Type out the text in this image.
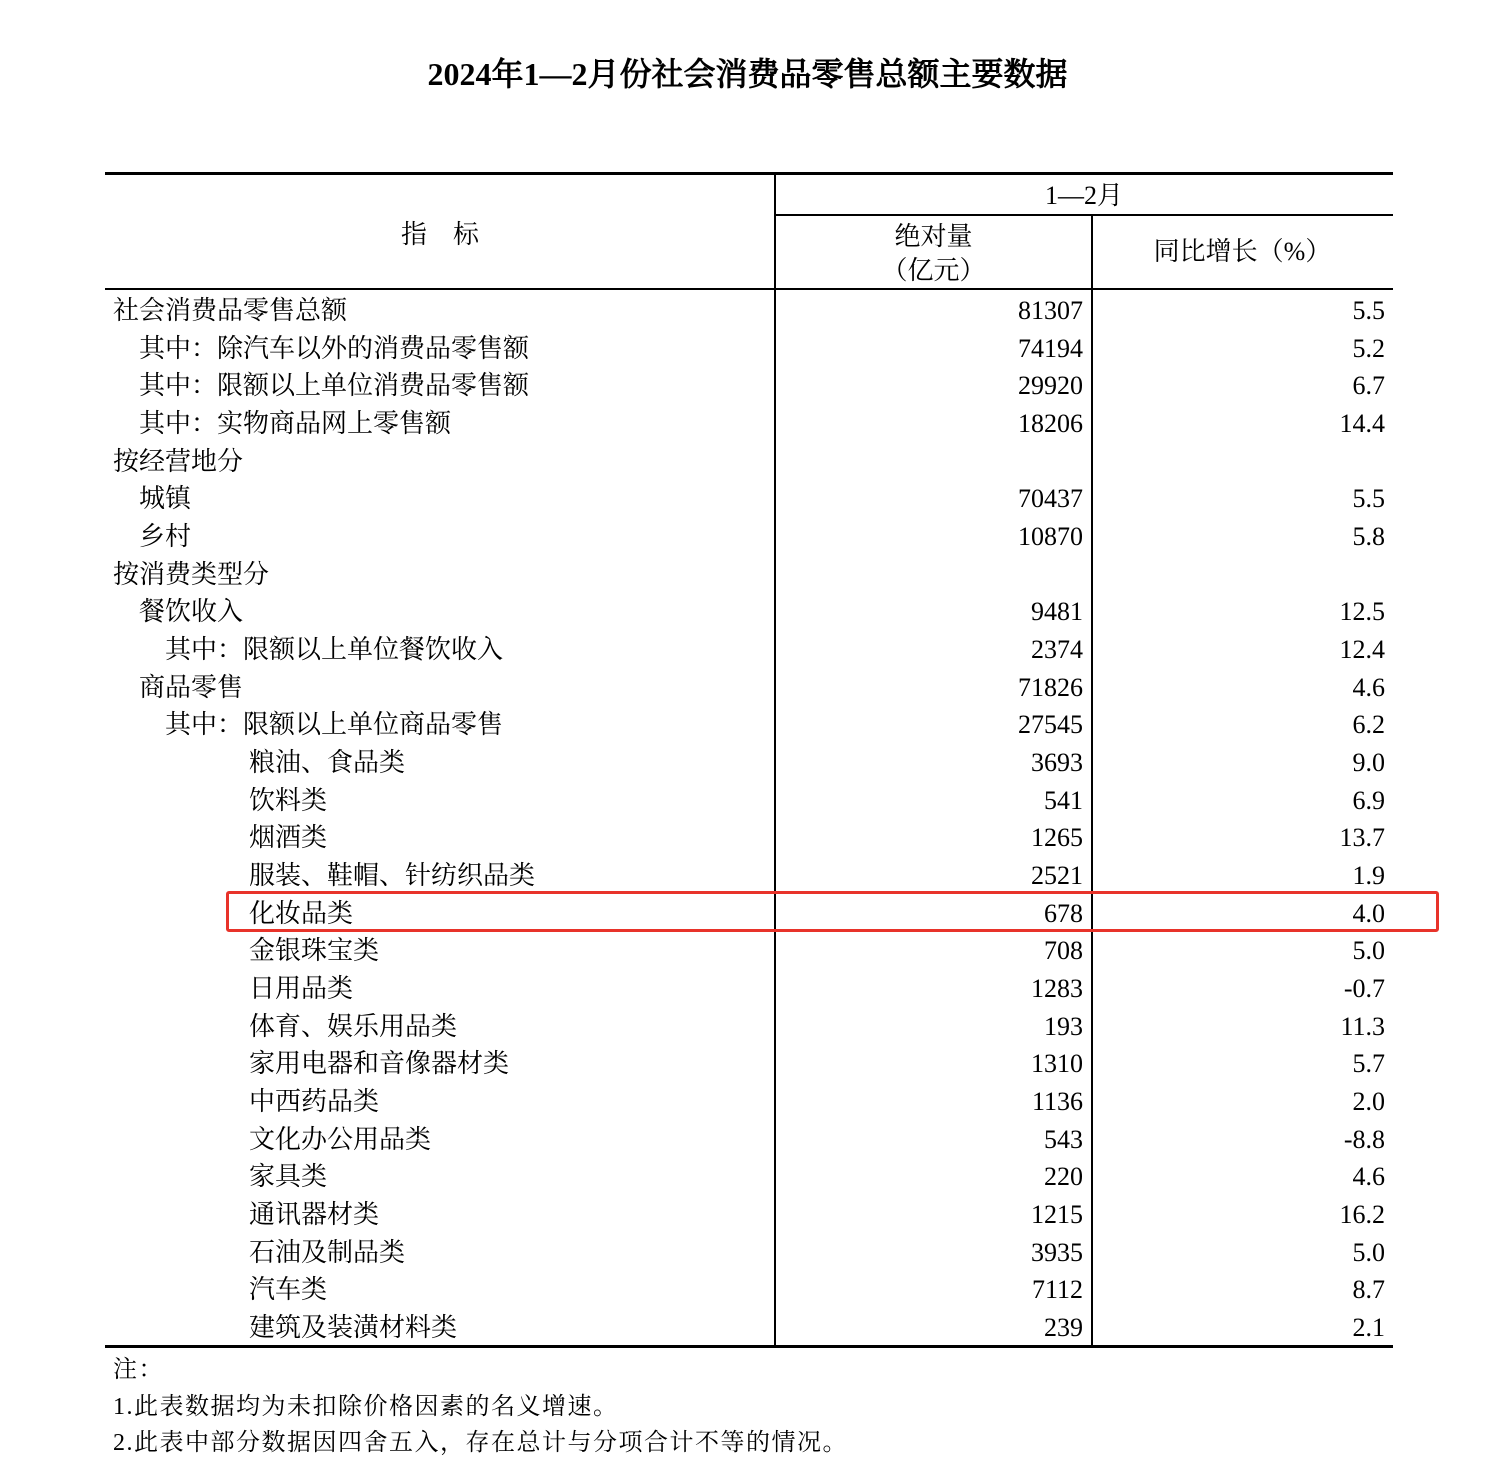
2024年1—2月份社会消费品零售总额主要数据
指　标
1—2月
绝对量
（亿元）
同比增长（%）
社会消费品零售总额	81307	5.5
其中：除汽车以外的消费品零售额	74194	5.2
其中：限额以上单位消费品零售额	29920	6.7
其中：实物商品网上零售额	18206	14.4
按经营地分
城镇	70437	5.5
乡村	10870	5.8
按消费类型分
餐饮收入	9481	12.5
其中：限额以上单位餐饮收入	2374	12.4
商品零售	71826	4.6
其中：限额以上单位商品零售	27545	6.2
粮油、食品类	3693	9.0
饮料类	541	6.9
烟酒类	1265	13.7
服装、鞋帽、针纺织品类	2521	1.9
化妆品类	678	4.0
金银珠宝类	708	5.0
日用品类	1283	-0.7
体育、娱乐用品类	193	11.3
家用电器和音像器材类	1310	5.7
中西药品类	1136	2.0
文化办公用品类	543	-8.8
家具类	220	4.6
通讯器材类	1215	16.2
石油及制品类	3935	5.0
汽车类	7112	8.7
建筑及装潢材料类	239	2.1
注：
1.此表数据均为未扣除价格因素的名义增速。
2.此表中部分数据因四舍五入，存在总计与分项合计不等的情况。
